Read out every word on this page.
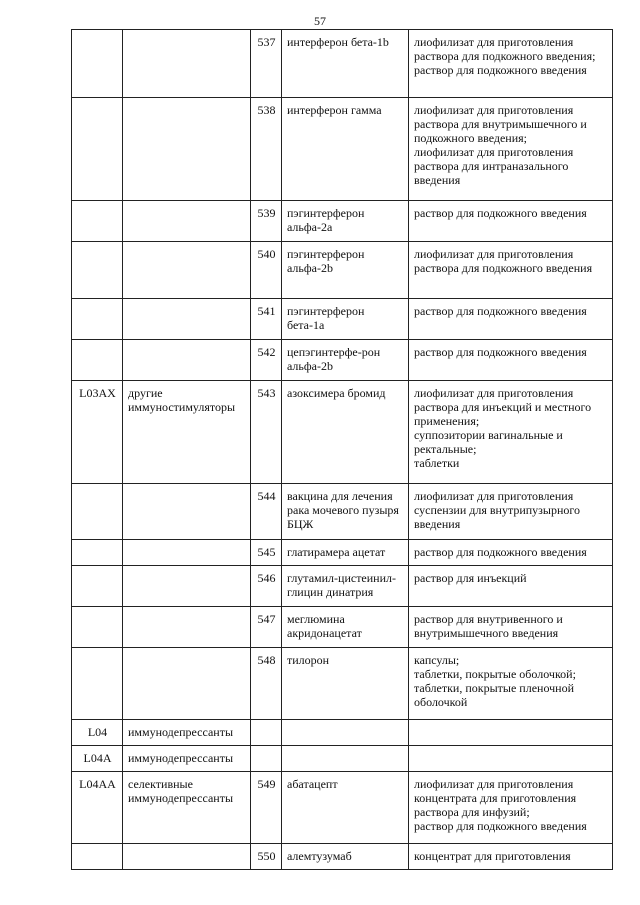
57
		537	интерферон бета-1b	лиофилизат для приготовления раствора для подкожного введения;
раствор для подкожного введения
		538	интерферон гамма	лиофилизат для приготовления раствора для внутримышечного и подкожного введения;
лиофилизат для приготовления раствора для интраназального введения
		539	пэгинтерферон альфа-2a	раствор для подкожного введения
		540	пэгинтерферон альфа-2b	лиофилизат для приготовления раствора для подкожного введения
		541	пэгинтерферон бета-1a	раствор для подкожного введения
		542	цепэгинтерфе-рон альфа-2b	раствор для подкожного введения
L03AX	другие иммуностимуляторы	543	азоксимера бромид	лиофилизат для приготовления раствора для инъекций и местного применения;
суппозитории вагинальные и ректальные;
таблетки
		544	вакцина для лечения рака мочевого пузыря БЦЖ	лиофилизат для приготовления суспензии для внутрипузырного введения
		545	глатирамера ацетат	раствор для подкожного введения
		546	глутамил-цистеинил-глицин динатрия	раствор для инъекций
		547	меглюмина акридонацетат	раствор для внутривенного и внутримышечного введения
		548	тилорон	капсулы;
таблетки, покрытые оболочкой;
таблетки, покрытые пленочной оболочкой
L04	иммунодепрессанты			
L04A	иммунодепрессанты			
L04AA	селективные иммунодепрессанты	549	абатацепт	лиофилизат для приготовления концентрата для приготовления раствора для инфузий;
раствор для подкожного введения
		550	алемтузумаб	концентрат для приготовления
